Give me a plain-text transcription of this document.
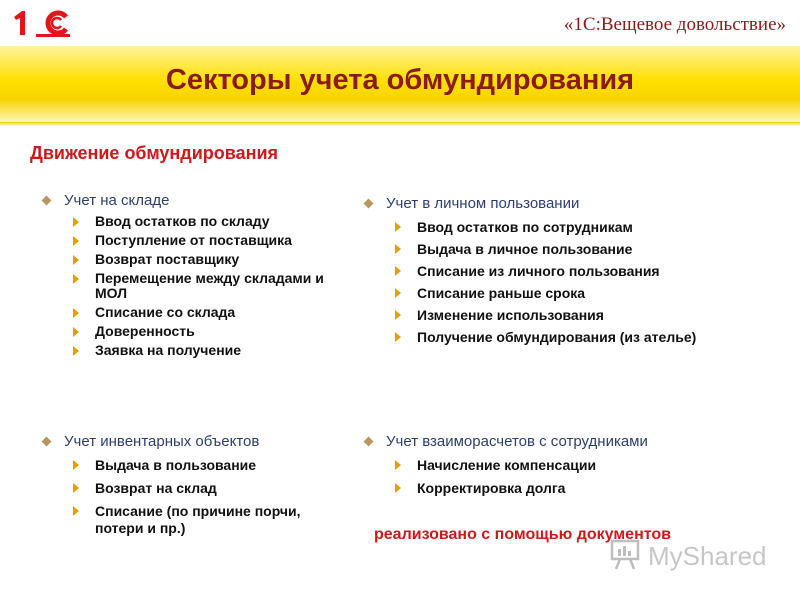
1С
«1С:Вещевое довольствие»
Секторы учета обмундирования
Движение обмундирования
Учет на складе
Ввод остатков по складу
Поступление от поставщика
Возврат поставщику
Перемещение между складами и МОЛ
Списание со склада
Доверенность
Заявка на получение
Учет в личном пользовании
Ввод остатков по сотрудникам
Выдача в личное пользование
Списание из личного пользования
Списание раньше срока
Изменение использования
Получение обмундирования (из ателье)
Учет инвентарных объектов
Выдача в пользование
Возврат на склад
Списание (по причине порчи, потери и пр.)
Учет взаиморасчетов с сотрудниками
Начисление компенсации
Корректировка долга
реализовано с помощью документов
MyShared
